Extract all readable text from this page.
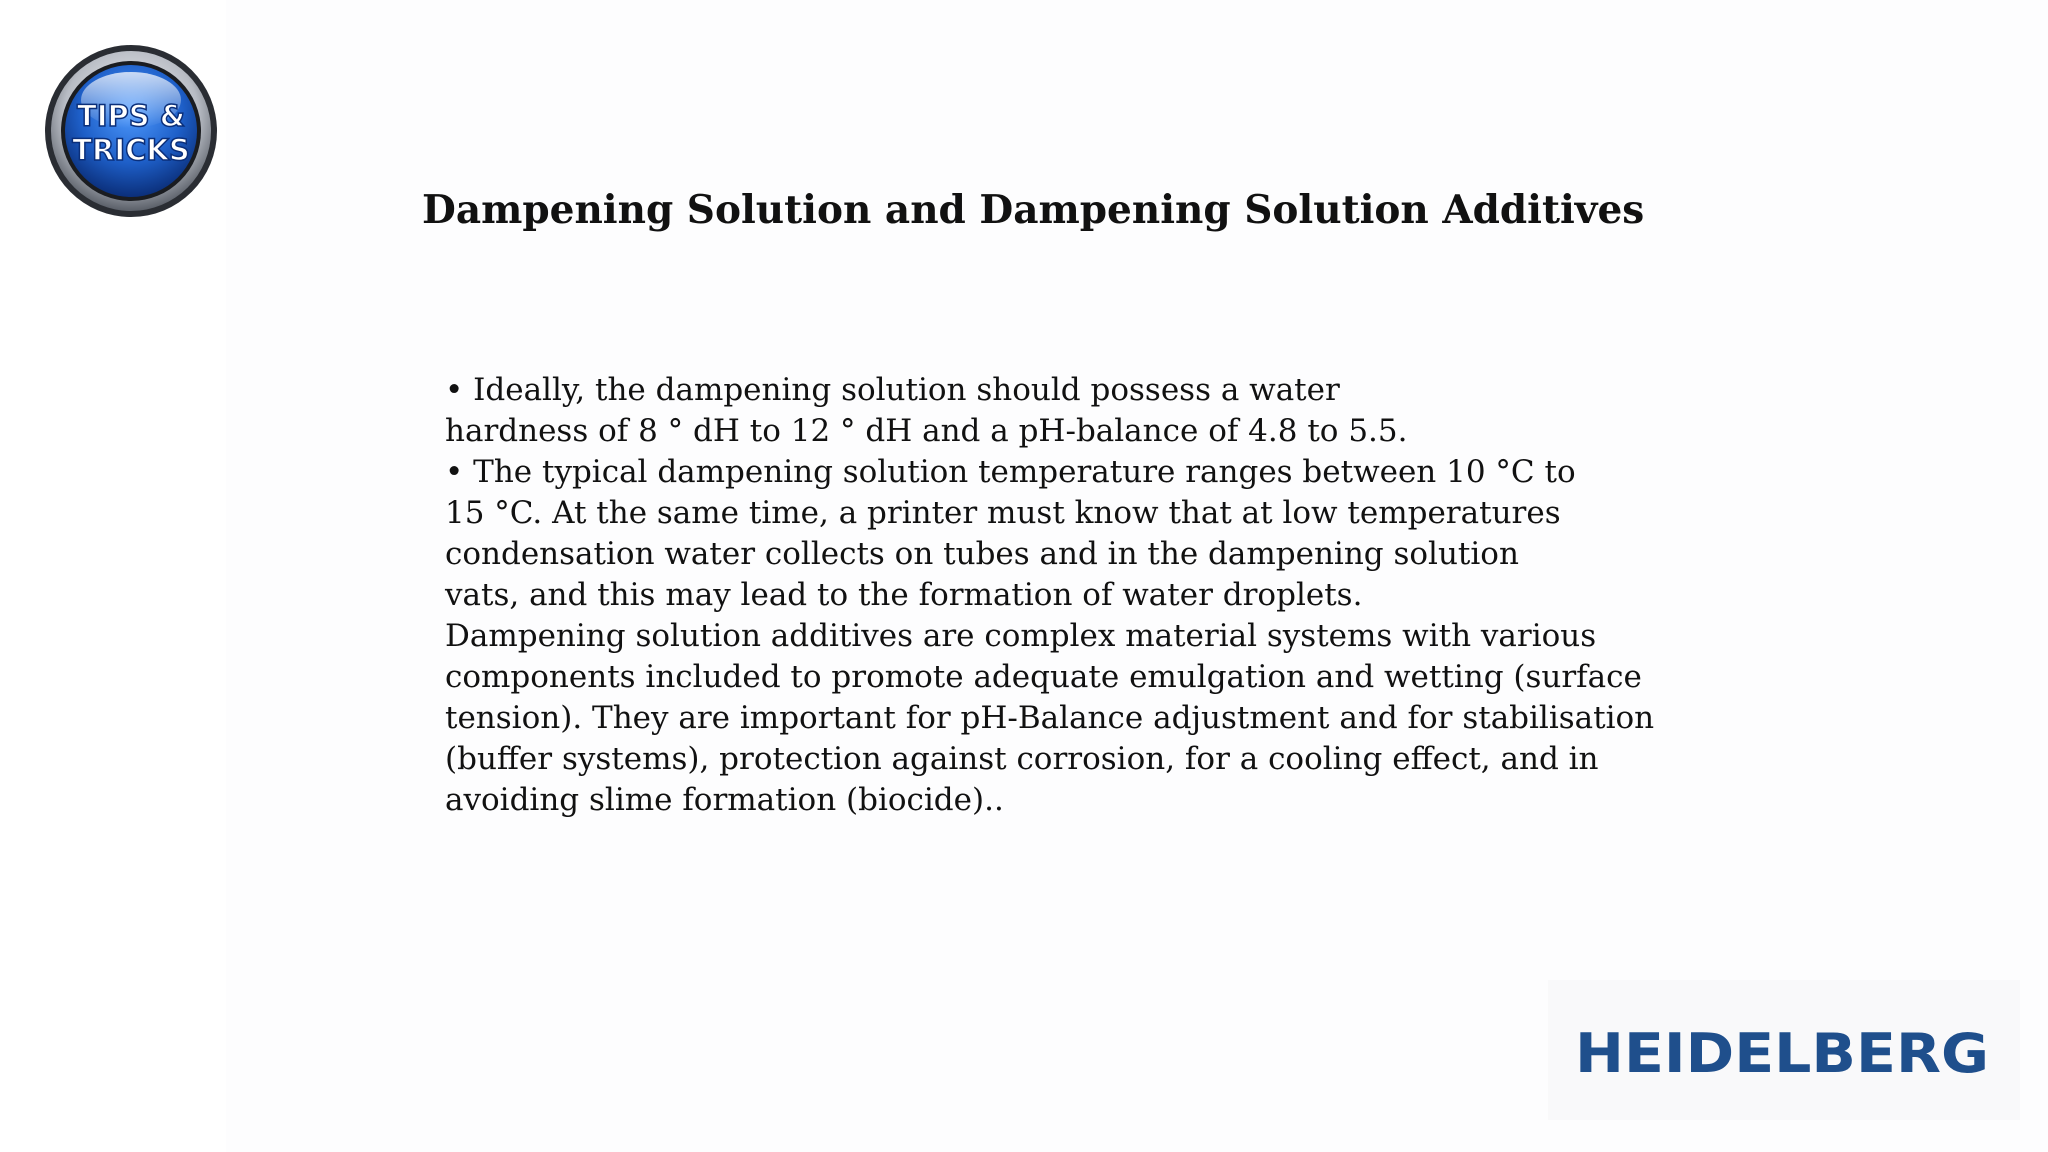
TIPS &
TRICKS
Dampening Solution and Dampening Solution Additives
• Ideally, the dampening solution should possess a water
hardness of 8 ° dH to 12 ° dH and a pH-balance of 4.8 to 5.5.
• The typical dampening solution temperature ranges between 10 °C to
15 °C. At the same time, a printer must know that at low temperatures
condensation water collects on tubes and in the dampening solution
vats, and this may lead to the formation of water droplets.
Dampening solution additives are complex material systems with various
components included to promote adequate emulgation and wetting (surface
tension). They are important for pH-Balance adjustment and for stabilisation
(buffer systems), protection against corrosion, for a cooling effect, and in
avoiding slime formation (biocide)..
HEIDELBERG
